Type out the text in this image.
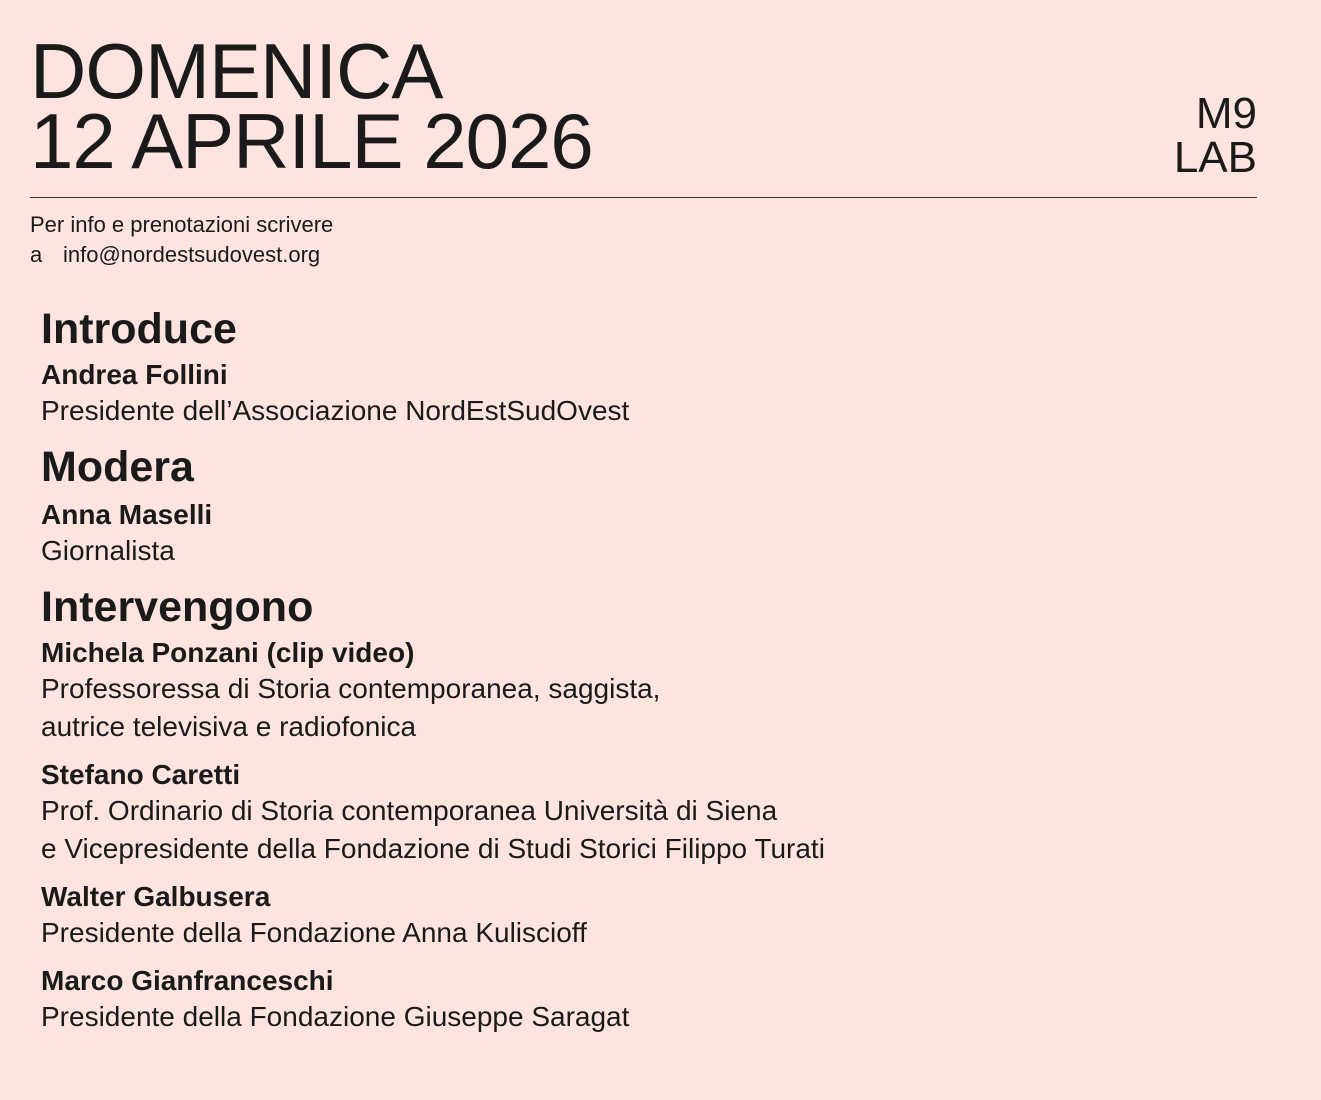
DOMENICA
12 APRILE 2026	M9
LAB
Per info e prenotazioni scrivere
a info@nordestsudovest.org
Introduce
Andrea Follini
Presidente dell’Associazione NordEstSudOvest
Modera
Anna Maselli
Giornalista
Intervengono
Michela Ponzani (clip video)
Professoressa di Storia contemporanea, saggista,
autrice televisiva e radiofonica
Stefano Caretti
Prof. Ordinario di Storia contemporanea Università di Siena
e Vicepresidente della Fondazione di Studi Storici Filippo Turati
Walter Galbusera
Presidente della Fondazione Anna Kuliscioff
Marco Gianfranceschi
Presidente della Fondazione Giuseppe Saragat
